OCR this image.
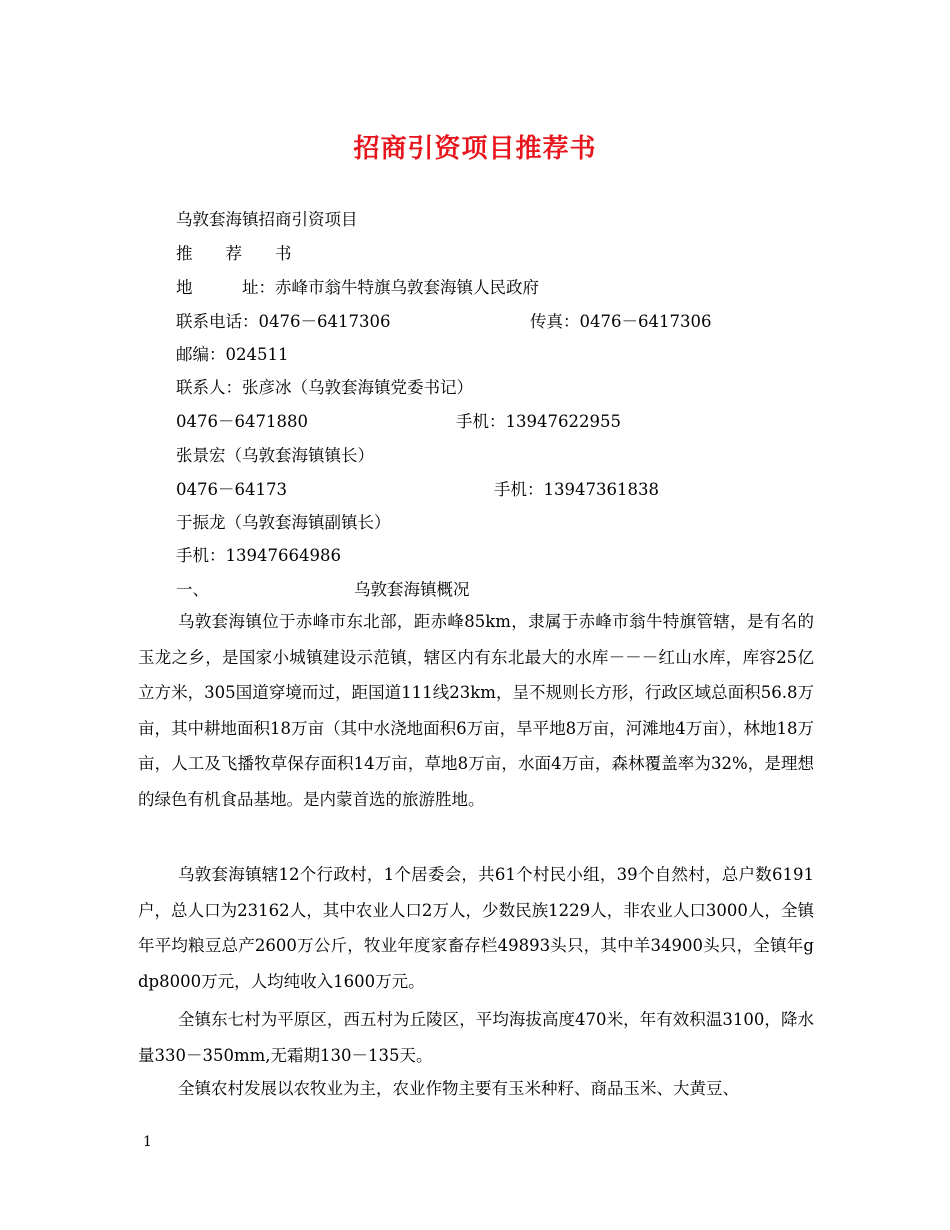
招商引资项目推荐书
乌敦套海镇招商引资项目
推　　荐　　书
地　　　址：赤峰市翁牛特旗乌敦套海镇人民政府
联系电话：0476－6417306	传真：0476－6417306
邮编：024511
联系人：张彦冰（乌敦套海镇党委书记）
0476－6471880	手机：13947622955
张景宏（乌敦套海镇镇长）
0476－64173	手机：13947361838
于振龙（乌敦套海镇副镇长）
手机：13947664986
一、	乌敦套海镇概况
乌敦套海镇位于赤峰市东北部，距赤峰85km，隶属于赤峰市翁牛特旗管辖，是有名的玉龙之乡，是国家小城镇建设示范镇，辖区内有东北最大的水库－－－红山水库，库容25亿立方米，305国道穿境而过，距国道111线23km，呈不规则长方形，行政区域总面积56.8万亩，其中耕地面积18万亩（其中水浇地面积6万亩，旱平地8万亩，河滩地4万亩），林地18万亩，人工及飞播牧草保存面积14万亩，草地8万亩，水面4万亩，森林覆盖率为32%，是理想的绿色有机食品基地。是内蒙首选的旅游胜地。
乌敦套海镇辖12个行政村，1个居委会，共61个村民小组，39个自然村，总户数6191户，总人口为23162人，其中农业人口2万人，少数民族1229人，非农业人口3000人，全镇年平均粮豆总产2600万公斤，牧业年度家畜存栏49893头只，其中羊34900头只，全镇年gdp8000万元，人均纯收入1600万元。
全镇东七村为平原区，西五村为丘陵区，平均海拔高度470米，年有效积温3100，降水量330－350mm,无霜期130－135天。
全镇农村发展以农牧业为主，农业作物主要有玉米种籽、商品玉米、大黄豆、
1
